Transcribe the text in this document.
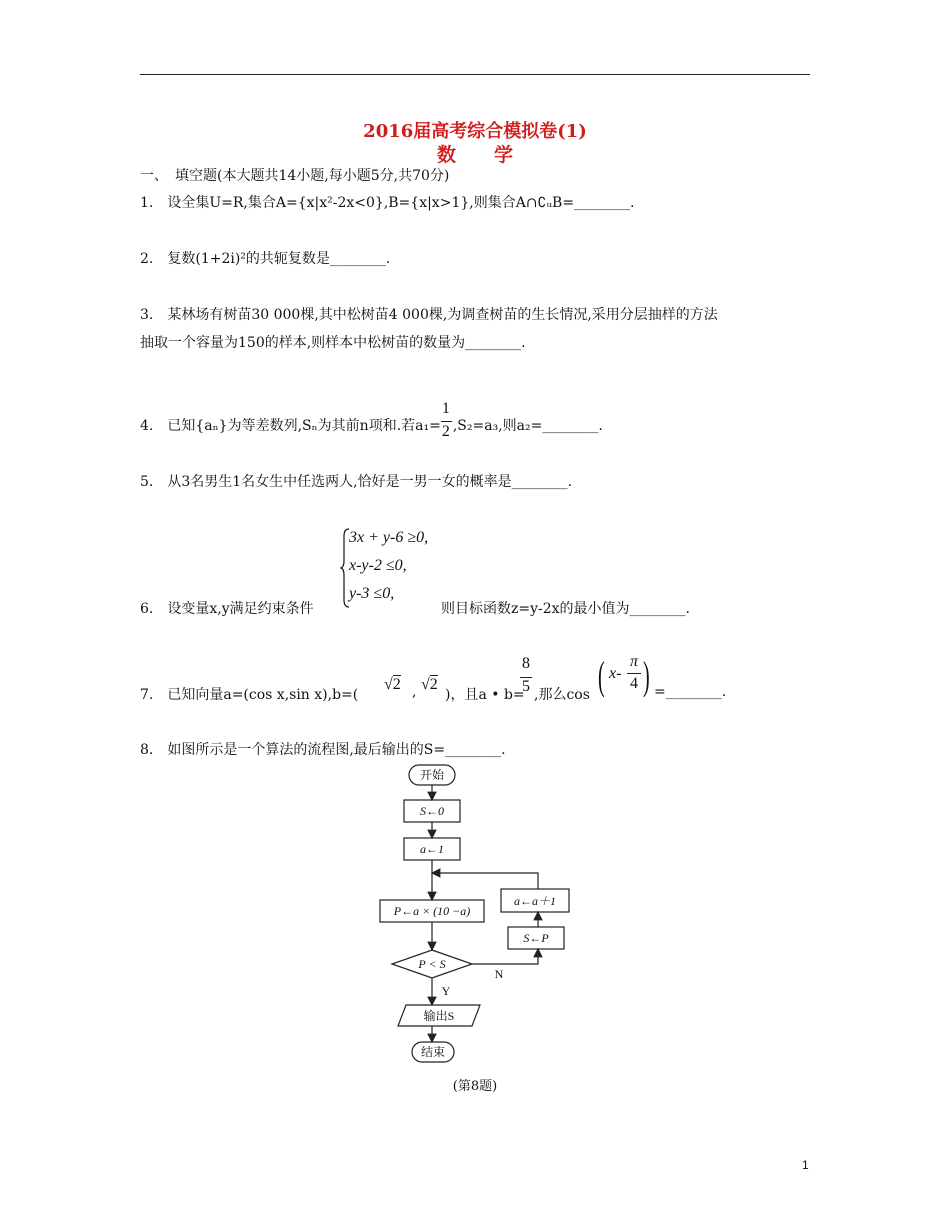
2016届高考综合模拟卷(1)
数　　学
一、　填空题(本大题共14小题,每小题5分,共70分)
1.　设全集U=R,集合A={x|x²-2x<0},B={x|x>1},则集合A∩∁ᵤB=________.
2.　复数(1+2i)²的共轭复数是________.
3.　某林场有树苗30 000棵,其中松树苗4 000棵,为调查树苗的生长情况,采用分层抽样的方法
抽取一个容量为150的样本,则样本中松树苗的数量为________.
4.　已知{aₙ}为等差数列,Sₙ为其前n项和.若a₁=
$\frac{1}{2}$
,S₂=a₃,则a₂=________.
5.　从3名男生1名女生中任选两人,恰好是一男一女的概率是________.
6.　设变量x,y满足约束条件
3x + y-6 ≥0,
x-y-2 ≤0,
y-3 ≤0,
则目标函数z=y-2x的最小值为________.
7.　已知向量a=(cos x,sin x),b=(
√2 , √2
)，且a • b=
8
5 ,那么cos ( x-
π
4 ) =________.
8.　如图所示是一个算法的流程图,最后输出的S=________.
开始
S←0
a←1
P←a × (10 −a)
P < S
Y
N
输出S
结束
a←a＋1
S←P
(第8题)
1
